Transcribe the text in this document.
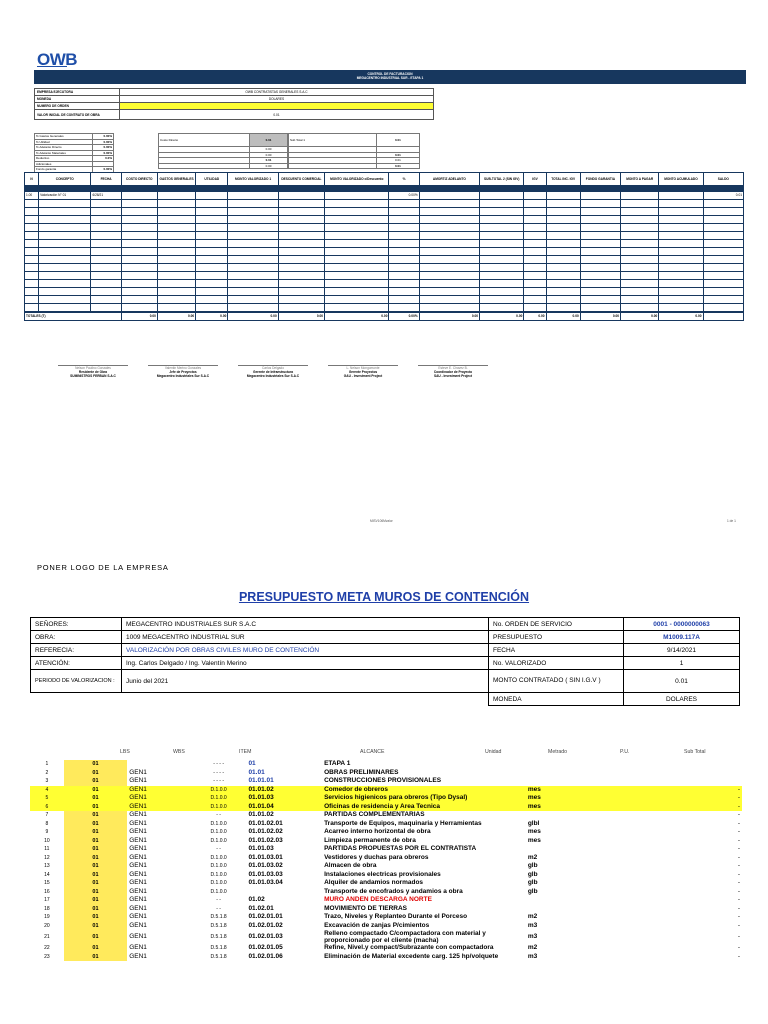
OWB
CONTROL DE FACTURACION
MEGACENTRO INDUSTRIAL SUR - ETAPA 1
EMPRESA EJECUTORA	OWB CONTRATISTAS GENERALES S.A.C
MONEDA	DOLARES
NUMERO DE ORDEN	
VALOR INICIAL DE CONTRATO DE OBRA	0.01
% Gastos Generales	0.00%
% Utilidad	0.00%
% Adelanto Directo	0.00%
% Adelanto Materiales	0.00%
Deductivo	0.0%
Adicionales	
Fondo garantia	0.00%
Costo Directo	0.01
	0.00
	0.00
	0.01
	0.00
Sub Total 1	0.01

	0.01
	0.01
	0.01
N	CONCEPTO	FECHA	COSTO DIRECTO	GASTOS GENERALES	UTILIDAD	MONTO VALORIZADO 1	DESCUENTO COMERCIAL	MONTO VALORIZADO c/Descuento	%	AMORTIZ ADELANTO	SUB-TOTAL 2 (SIN IGV)	IGV	TOTAL INC. IGV	FONDO GARANTIA	MONTO A PAGAR	MONTO ACUMULADO	SALDO

1.00	Valorización N° 01	6/28/21							0.00%								0.01

TOTALES (T)			0.00	0.00	0.00	0.00	0.00	0.00	0.00%	0.00	0.00	0.00	0.00	0.00	0.00	0.00	
Nelson Paulino Gonzales
Residente de Obra
SUMINISTROS FERBAN S.A.C
Valentin Merino Gonzales
Jefe de Proyectos
Megacentro Industriales Sur S.A.C
Carlos Delgado
Gerente de Infraestructura
Megacentro Industriales Sur S.A.C
L. Nelson Mongomonte
Gerente Proyectos
GAU - Investment Project
Esteve E. Chavez B.
Coordinador de Proyecto
SAU - Investment Project
MISV106Mvalor	1 de 1
PONER LOGO DE LA EMPRESA
PRESUPUESTO META MUROS DE CONTENCIÓN
SEÑORES:	MEGACENTRO INDUSTRIALES SUR S.A.C	No. ORDEN DE SERVICIO	0001 - 0000000063
OBRA:	1009 MEGACENTRO INDUSTRIAL SUR	PRESUPUESTO	M1009.117A
REFERECIA:	VALORIZACIÓN POR OBRAS CIVILES MURO DE CONTENCIÓN	FECHA	9/14/2021
ATENCIÓN:	Ing. Carlos Delgado / Ing. Valentín Merino	No. VALORIZADO	1
PERIODO DE VALORIZACION :	Junio del 2021	MONTO CONTRATADO ( SIN I.G.V )	0.01
		MONEDA	DOLARES
LBS	WBS	ITEM	ALCANCE	Unidad	Metrado	P.U.	Sub Total
1	01		- - - -	01	ETAPA 1		
2	01	GEN1	- - - -	01.01	OBRAS PRELIMINARES		
3	01	GEN1	- - - -	01.01.01	CONSTRUCCIONES PROVISIONALES		
4	01	GEN1	D.1.0.0	01.01.02	Comedor de obreros	mes	-
5	01	GEN1	D.1.0.0	01.01.03	Servicios higienicos para obreros (Tipo Dysal)	mes	-
6	01	GEN1	D.1.0.0	01.01.04	Oficinas de residencia y Area Tecnica	mes	-
7	01	GEN1	- -	01.01.02	PARTIDAS COMPLEMENTARIAS		-
8	01	GEN1	D.1.0.0	01.01.02.01	Transporte de Equipos, maquinaria y Herramientas	glbl	-
9	01	GEN1	D.1.0.0	01.01.02.02	Acarreo interno horizontal de obra	mes	-
10	01	GEN1	D.1.0.0	01.01.02.03	Limpieza permanente de obra	mes	-
11	01	GEN1	- -	01.01.03	PARTIDAS PROPUESTAS POR EL CONTRATISTA		-
12	01	GEN1	D.1.0.0	01.01.03.01	Vestidores y duchas para obreros	m2	-
13	01	GEN1	D.1.0.0	01.01.03.02	Almacen de obra	glb	-
14	01	GEN1	D.1.0.0	01.01.03.03	Instalaciones electricas provisionales	glb	-
15	01	GEN1	D.1.0.0	01.01.03.04	Alquiler de andamios normados	glb	-
16	01	GEN1	D.1.0.0		Transporte de encofrados y andamios a obra	glb	-
17	01	GEN1	- -	01.02	MURO ANDEN DESCARGA NORTE		-
18	01	GEN1	- -	01.02.01	MOVIMIENTO DE TIERRAS		-
19	01	GEN1	D.5.1.8	01.02.01.01	Trazo, Niveles y Replanteo Durante el Porceso	m2	-
20	01	GEN1	D.5.1.8	01.02.01.02	Excavación de zanjas P/cimientos	m3	-
21	01	GEN1	D.5.1.8	01.02.01.03	Relleno compactado C/compactadora con material y proporcionado por el cliente (macha)	m3	-
22	01	GEN1	D.5.1.8	01.02.01.05	Refine, Nivel.y compact/Subrazante con compactadora	m2	-
23	01	GEN1	D.5.1.8	01.02.01.06	Eliminación de Material excedente carg. 125 hp/volquete	m3	-
